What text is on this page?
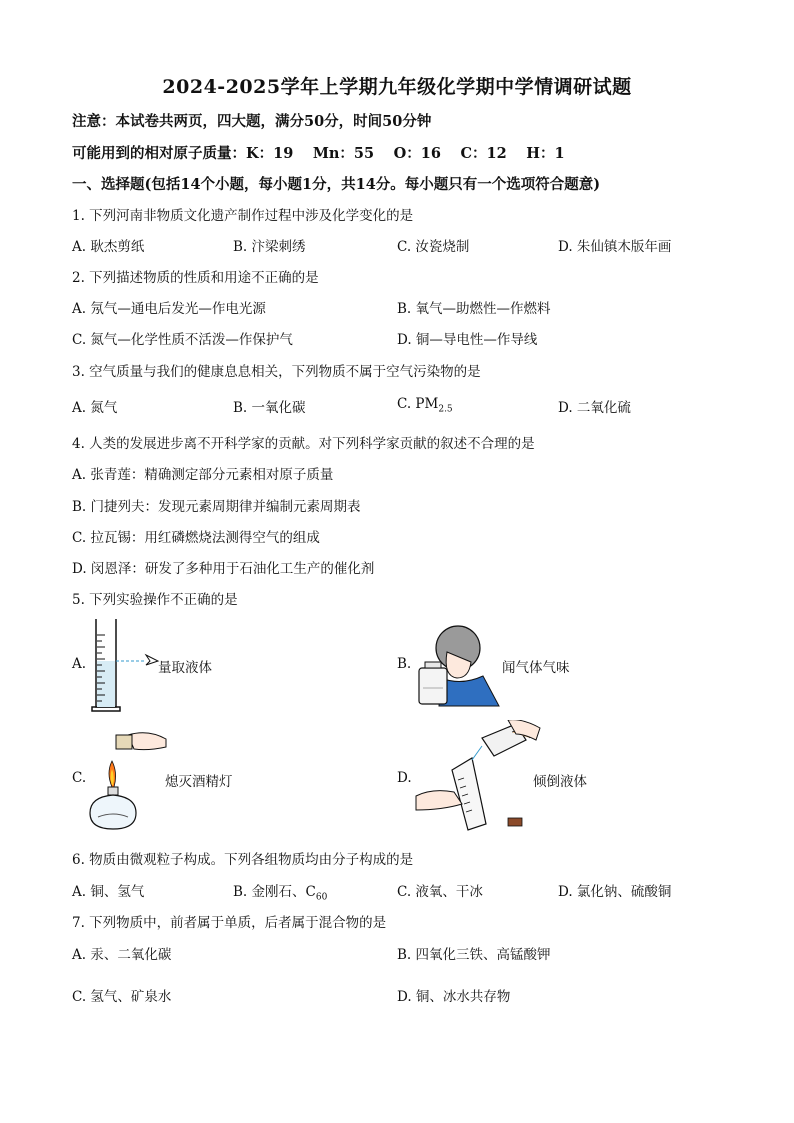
2024-2025学年上学期九年级化学期中学情调研试题
注意：本试卷共两页，四大题，满分50分，时间50分钟
可能用到的相对原子质量：K：19　 Mn：55　 O：16　 C：12　 H：1
一、选择题(包括14个小题，每小题1分，共14分。每小题只有一个选项符合题意)
1. 下列河南非物质文化遗产制作过程中涉及化学变化的是
A. 耿杰剪纸	B. 汴梁刺绣	C. 汝瓷烧制	D. 朱仙镇木版年画
2. 下列描述物质的性质和用途不正确的是
A. 氖气—通电后发光—作电光源	B. 氧气—助燃性—作燃料
C. 氮气—化学性质不活泼—作保护气	D. 铜—导电性—作导线
3. 空气质量与我们的健康息息相关，下列物质不属于空气污染物的是
A. 氮气	B. 一氧化碳	C. $PM_{2.5}$	D. 二氧化硫
4. 人类的发展进步离不开科学家的贡献。对下列科学家贡献的叙述不合理的是
A. 张青莲：精确测定部分元素相对原子质量
B. 门捷列夫：发现元素周期律并编制元素周期表
C. 拉瓦锡：用红磷燃烧法测得空气的组成
D. 闵恩泽：研发了多种用于石油化工生产的催化剂
5. 下列实验操作不正确的是
A.	量取液体	B.	闻气体气味
C.	熄灭酒精灯	D.	倾倒液体
6. 物质由微观粒子构成。下列各组物质均由分子构成的是
A. 铜、氢气	B. 金刚石、$C_{60}$	C. 液氧、干冰	D. 氯化钠、硫酸铜
7. 下列物质中，前者属于单质，后者属于混合物的是
A. 汞、二氧化碳	B. 四氧化三铁、高锰酸钾
C. 氢气、矿泉水	D. 铜、冰水共存物
